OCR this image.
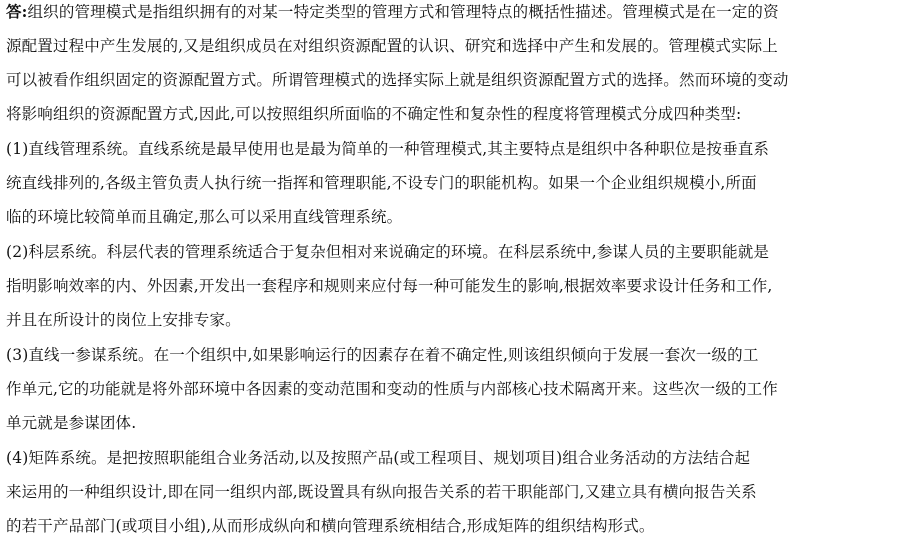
答:组织的管理模式是指组织拥有的对某一特定类型的管理方式和管理特点的概括性描述。管理模式是在一定的资
源配置过程中产生发展的,又是组织成员在对组织资源配置的认识、研究和选择中产生和发展的。管理模式实际上
可以被看作组织固定的资源配置方式。所谓管理模式的选择实际上就是组织资源配置方式的选择。然而环境的变动
将影响组织的资源配置方式,因此,可以按照组织所面临的不确定性和复杂性的程度将管理模式分成四种类型:
(1)直线管理系统。直线系统是最早使用也是最为简单的一种管理模式,其主要特点是组织中各种职位是按垂直系
统直线排列的,各级主管负责人执行统一指挥和管理职能,不设专门的职能机构。如果一个企业组织规模小,所面
临的环境比较简单而且确定,那么可以采用直线管理系统。
(2)科层系统。科层代表的管理系统适合于复杂但相对来说确定的环境。在科层系统中,参谋人员的主要职能就是
指明影响效率的内、外因素,开发出一套程序和规则来应付每一种可能发生的影响,根据效率要求设计任务和工作,
并且在所设计的岗位上安排专家。
(3)直线一参谋系统。在一个组织中,如果影响运行的因素存在着不确定性,则该组织倾向于发展一套次一级的工
作单元,它的功能就是将外部环境中各因素的变动范围和变动的性质与内部核心技术隔离开来。这些次一级的工作
单元就是参谋团体.
(4)矩阵系统。是把按照职能组合业务活动,以及按照产品(或工程项目、规划项目)组合业务活动的方法结合起
来运用的一种组织设计,即在同一组织内部,既设置具有纵向报告关系的若干职能部门,又建立具有横向报告关系
的若干产品部门(或项目小组),从而形成纵向和横向管理系统相结合,形成矩阵的组织结构形式。
